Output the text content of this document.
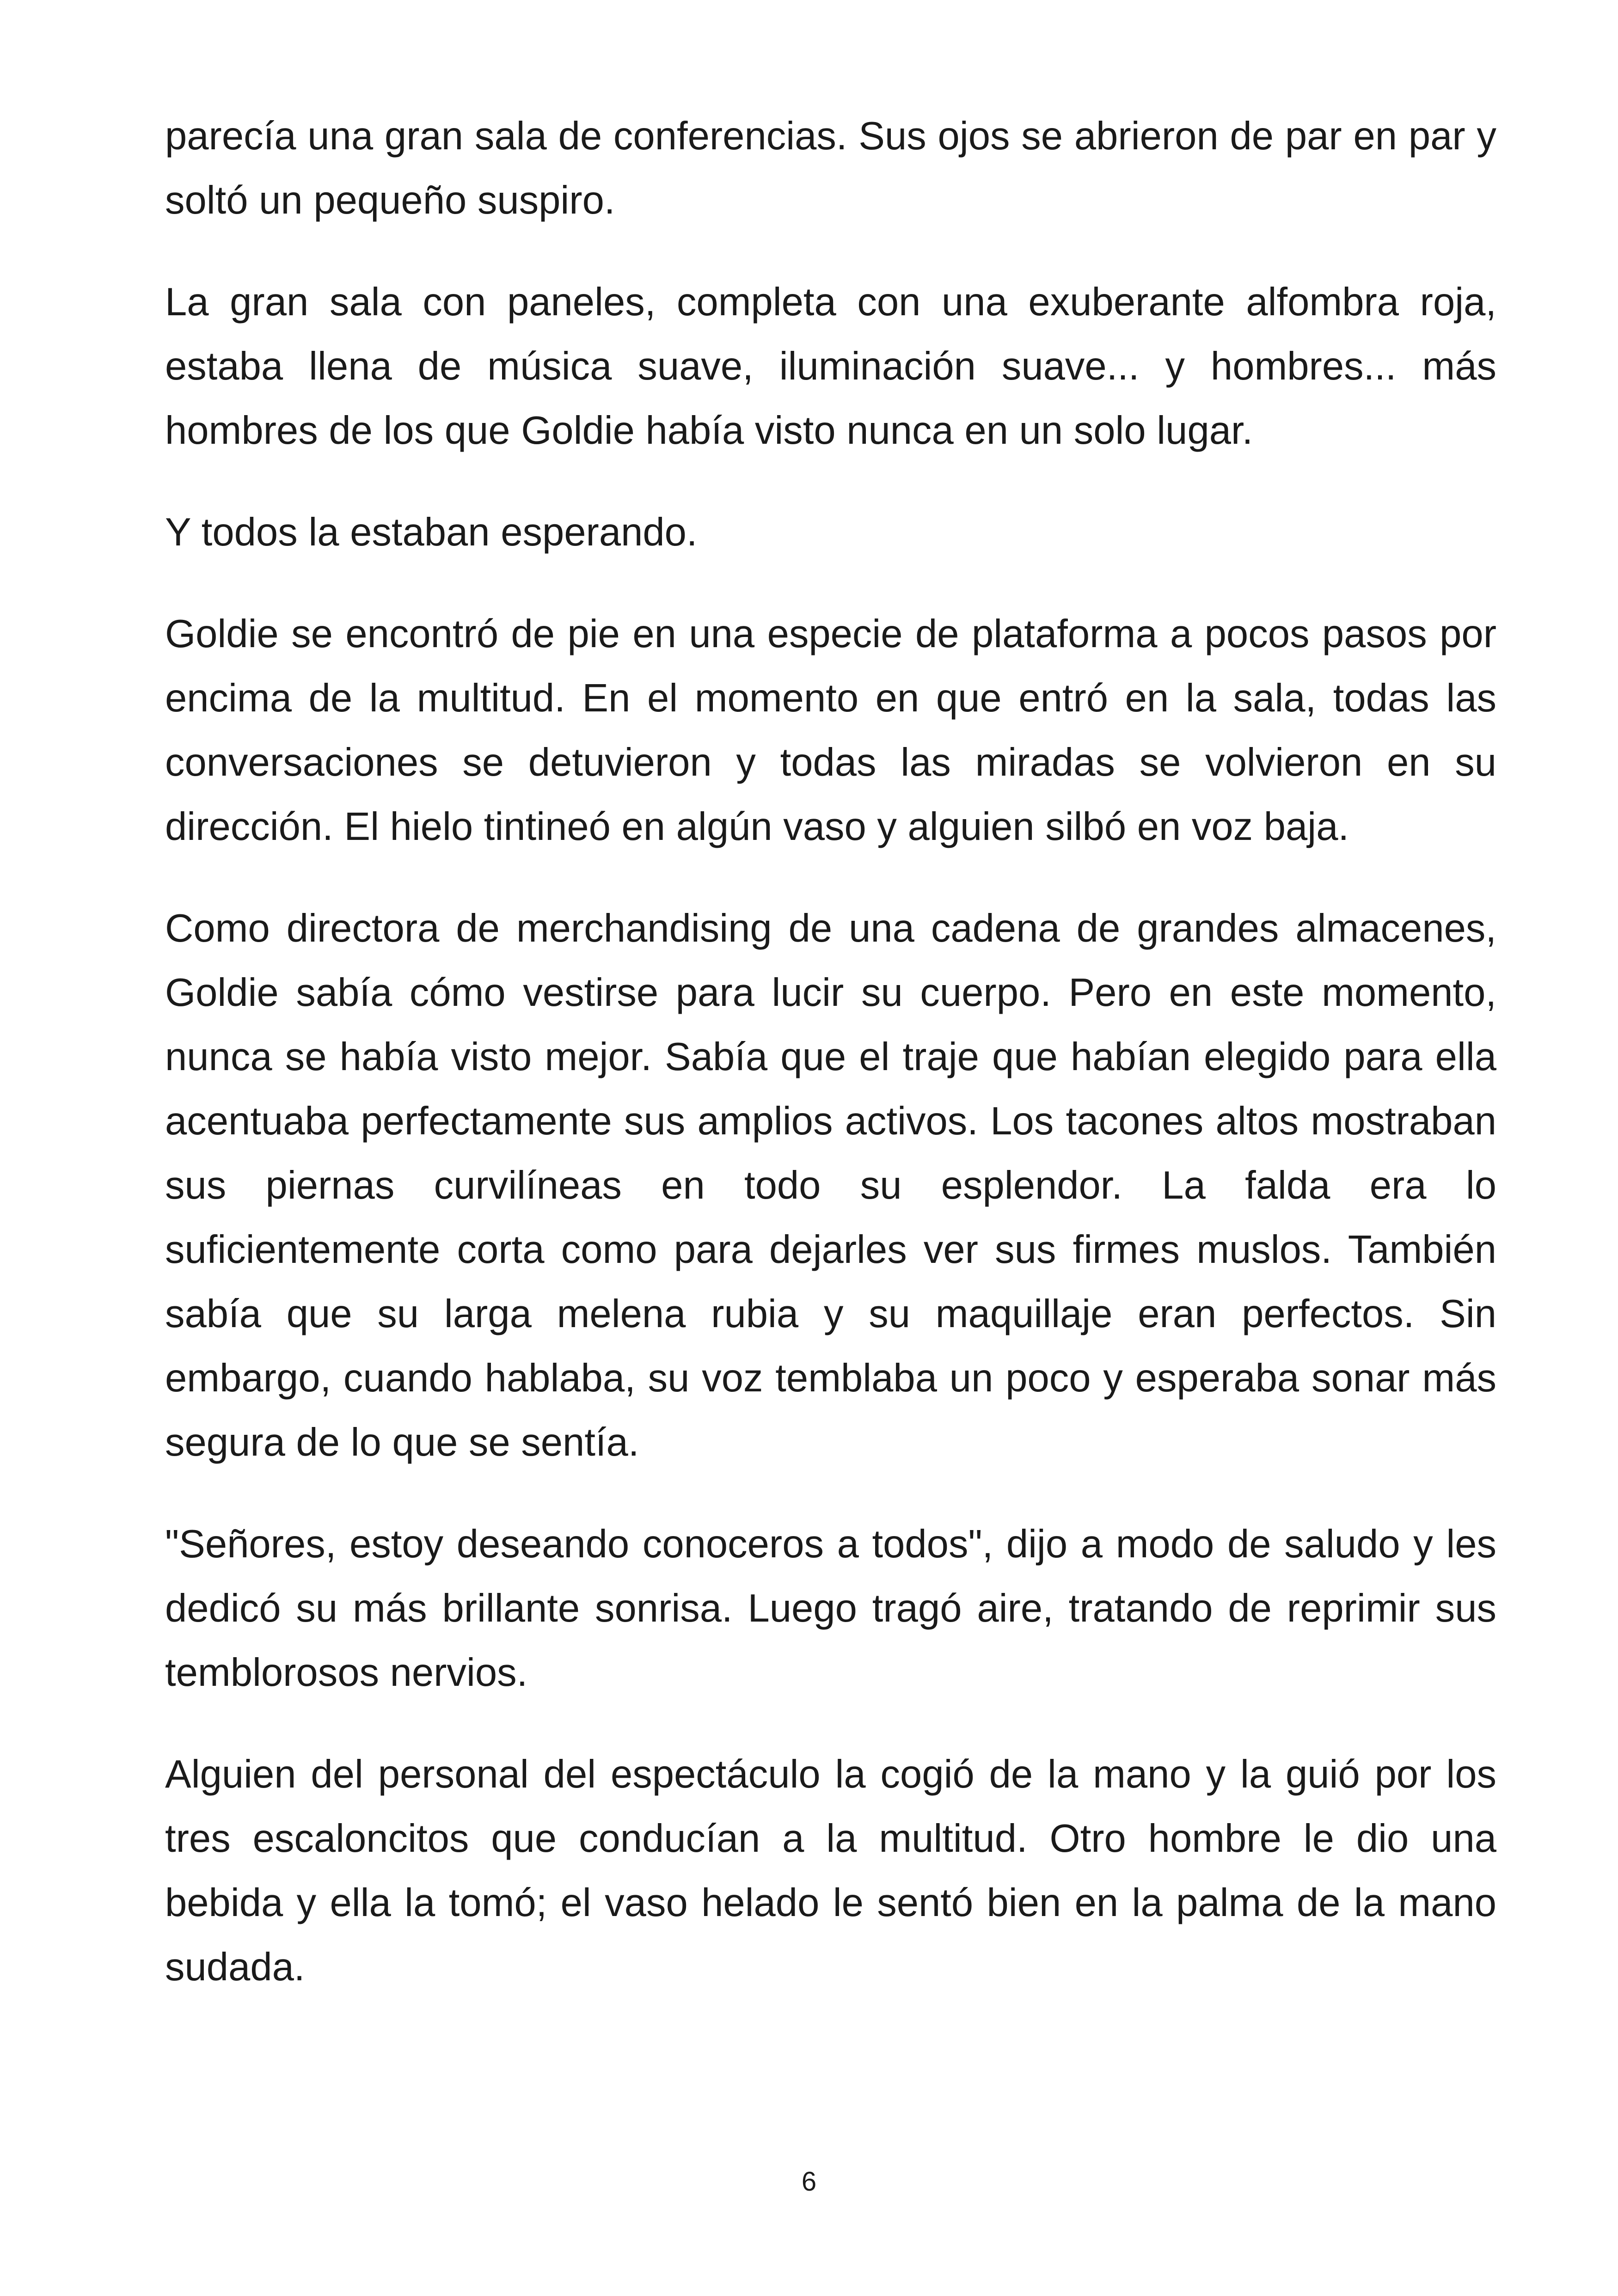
parecía una gran sala de conferencias. Sus ojos se abrieron de par en par y soltó un pequeño suspiro.

La gran sala con paneles, completa con una exuberante alfombra roja, estaba llena de música suave, iluminación suave... y hombres... más hombres de los que Goldie había visto nunca en un solo lugar.

Y todos la estaban esperando.

Goldie se encontró de pie en una especie de plataforma a pocos pasos por encima de la multitud. En el momento en que entró en la sala, todas las conversaciones se detuvieron y todas las miradas se volvieron en su dirección. El hielo tintineó en algún vaso y alguien silbó en voz baja.

Como directora de merchandising de una cadena de grandes almacenes, Goldie sabía cómo vestirse para lucir su cuerpo. Pero en este momento, nunca se había visto mejor. Sabía que el traje que habían elegido para ella acentuaba perfectamente sus amplios activos. Los tacones altos mostraban sus piernas curvilíneas en todo su esplendor. La falda era lo suficientemente corta como para dejarles ver sus firmes muslos. También sabía que su larga melena rubia y su maquillaje eran perfectos. Sin embargo, cuando hablaba, su voz temblaba un poco y esperaba sonar más segura de lo que se sentía.

"Señores, estoy deseando conoceros a todos", dijo a modo de saludo y les dedicó su más brillante sonrisa. Luego tragó aire, tratando de reprimir sus temblorosos nervios.

Alguien del personal del espectáculo la cogió de la mano y la guió por los tres escaloncitos que conducían a la multitud. Otro hombre le dio una bebida y ella la tomó; el vaso helado le sentó bien en la palma de la mano sudada.

6
